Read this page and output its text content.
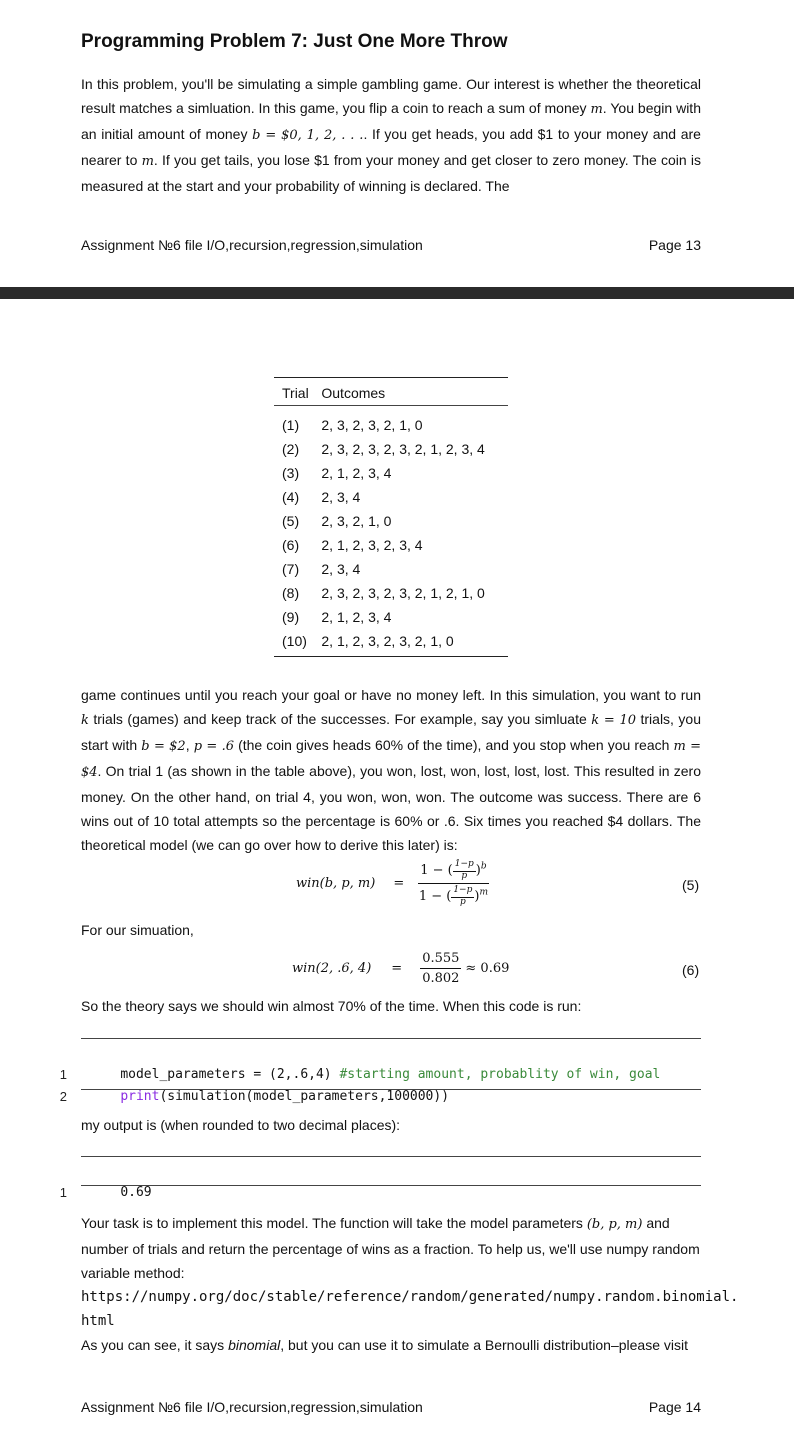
Programming Problem 7: Just One More Throw

In this problem, you'll be simulating a simple gambling game. Our interest is whether the theoretical result matches a simluation. In this game, you flip a coin to reach a sum of money m. You begin with an initial amount of money b = $0, 1, 2, . . .. If you get heads, you add $1 to your money and are nearer to m. If you get tails, you lose $1 from your money and get closer to zero money. The coin is measured at the start and your probability of winning is declared. The

Assignment №6 file I/O,recursion,regression,simulation	Page 13
Trial	Outcomes
(1)	2, 3, 2, 3, 2, 1, 0
(2)	2, 3, 2, 3, 2, 3, 2, 1, 2, 3, 4
(3)	2, 1, 2, 3, 4
(4)	2, 3, 4
(5)	2, 3, 2, 1, 0
(6)	2, 1, 2, 3, 2, 3, 4
(7)	2, 3, 4
(8)	2, 3, 2, 3, 2, 3, 2, 1, 2, 1, 0
(9)	2, 1, 2, 3, 4
(10)	2, 1, 2, 3, 2, 3, 2, 1, 0

game continues until you reach your goal or have no money left. In this simulation, you want to run k trials (games) and keep track of the successes. For example, say you simluate k = 10 trials, you start with b = $2, p = .6 (the coin gives heads 60% of the time), and you stop when you reach m = $4. On trial 1 (as shown in the table above), you won, lost, won, lost, lost, lost. This resulted in zero money. On the other hand, on trial 4, you won, won, won. The outcome was success. There are 6 wins out of 10 total attempts so the percentage is 60% or .6. Six times you reached $4 dollars. The theoretical model (we can go over how to derive this later) is:

win(b, p, $m) = \frac{1 - ( \frac{1-p}{p} )^b}{1 - ( \frac{1-p}{p} )^m}$	(5)
For our simuation,
win(2, .6, $4) = \frac{0.555}{0.802} \approx 0.69$	(6)
So the theory says we should win almost 70% of the time. When this code is run:

1	model_parameters = (2,.6,4) #starting amount, probablity of win, goal

2	print(simulation(model_parameters,100000))

my output is (when rounded to two decimal places):

1	0.69

Your task is to implement this model. The function will take the model parameters (b, p, m) and number of trials and return the percentage of wins as a fraction. To help us, we'll use numpy random variable method:
https://numpy.org/doc/stable/reference/random/generated/numpy.random.binomial.
html
As you can see, it says binomial, but you can use it to simulate a Bernoulli distribution–please visit
Assignment №6 file I/O,recursion,regression,simulation	Page 14
